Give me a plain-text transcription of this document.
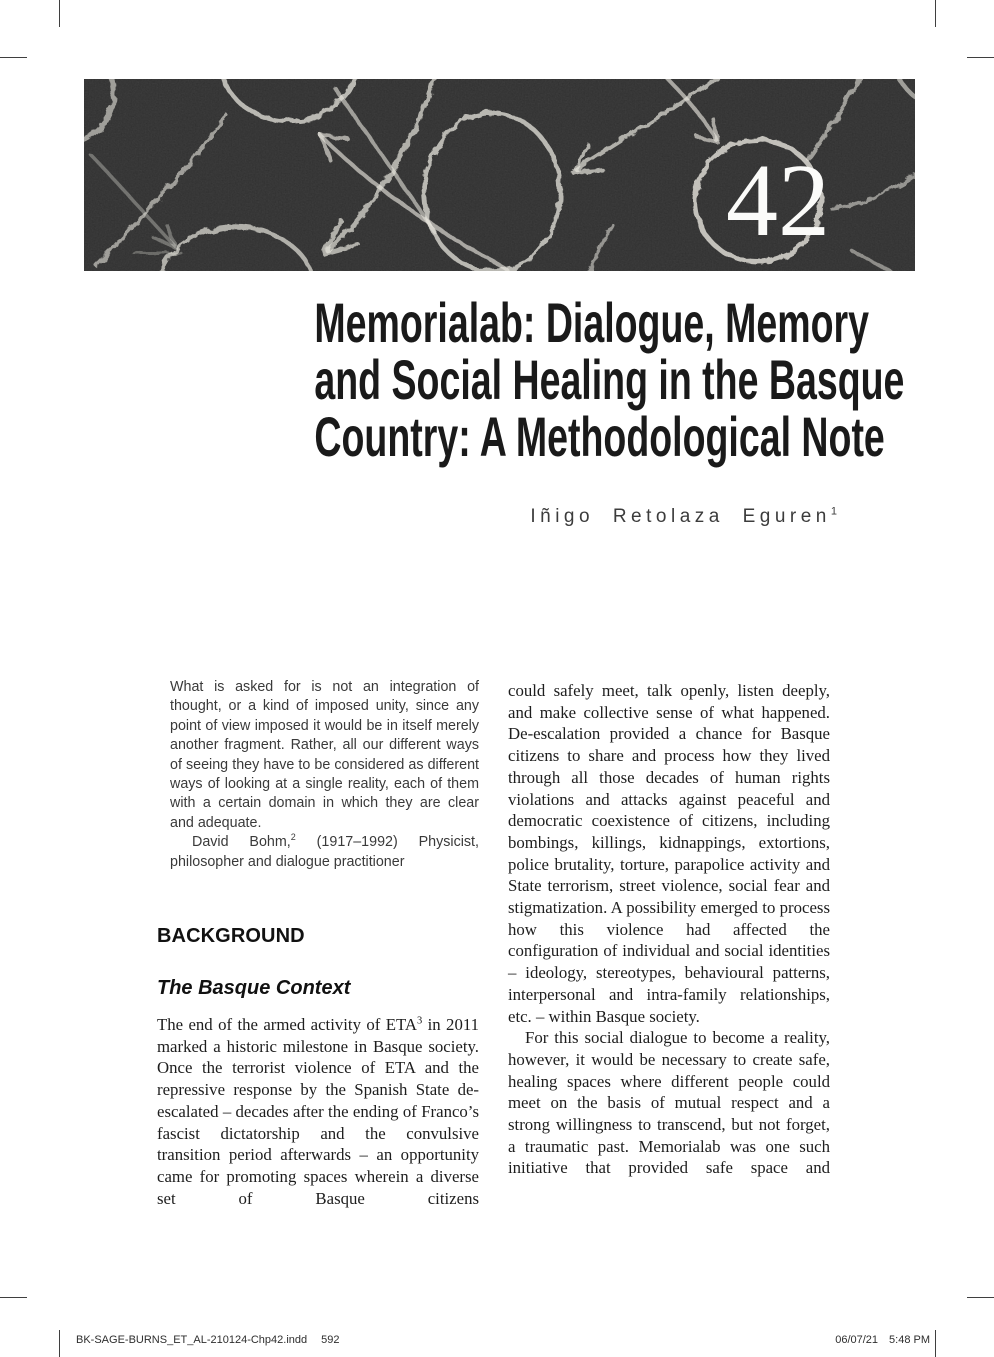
42
Memorialab: Dialogue, Memory
and Social Healing in the Basque
Country: A Methodological Note
Iñigo Retolaza Eguren$^1$

What is asked for is not an integration of thought, or a kind of imposed unity, since any point of view imposed it would be in itself merely another fragment. Rather, all our different ways of seeing they have to be considered as different ways of looking at a single reality, each of them with a certain domain in which they are clear and adequate.

David Bohm,$^2$ (1917–1992) Physicist, philosopher and dialogue practitioner

BACKGROUND
The Basque Context

The end of the armed activity of ETA$^3$ in 2011 marked a historic milestone in Basque society. Once the terrorist violence of ETA and the repressive response by the Spanish State de-escalated – decades after the ending of Franco’s fascist dictatorship and the convulsive transition period afterwards – an opportunity came for promoting spaces wherein a diverse set of Basque citizens

could safely meet, talk openly, listen deeply, and make collective sense of what happened. De-escalation provided a chance for Basque citizens to share and process how they lived through all those decades of human rights violations and attacks against peaceful and democratic coexistence of citizens, including bombings, killings, kidnappings, extortions, police brutality, torture, parapolice activity and State terrorism, street violence, social fear and stigmatization. A possibility emerged to process how this violence had affected the configuration of individual and social identities – ideology, stereotypes, behavioural patterns, interpersonal and intra-family relationships, etc. – within Basque society.

For this social dialogue to become a reality, however, it would be necessary to create safe, healing spaces where different people could meet on the basis of mutual respect and a strong willingness to transcend, but not forget, a traumatic past. Memorialab was one such initiative that provided safe space and

BK-SAGE-BURNS_ET_AL-210124-Chp42.indd 592	06/07/21 5:48 PM
